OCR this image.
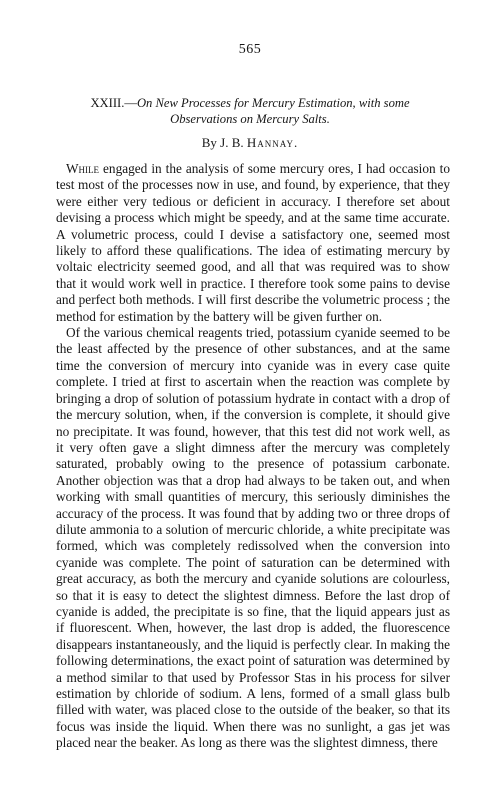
565
XXIII.—On New Processes for Mercury Estimation, with some Observations on Mercury Salts.
By J. B. Hannay.

While engaged in the analysis of some mercury ores, I had occasion to test most of the processes now in use, and found, by experience, that they were either very tedious or deficient in accuracy. I therefore set about devising a process which might be speedy, and at the same time accurate. A volumetric process, could I devise a satisfactory one, seemed most likely to afford these qualifications. The idea of estimating mercury by voltaic electricity seemed good, and all that was required was to show that it would work well in practice. I therefore took some pains to devise and perfect both methods. I will first describe the volumetric process ; the method for estimation by the battery will be given further on.

Of the various chemical reagents tried, potassium cyanide seemed to be the least affected by the presence of other substances, and at the same time the conversion of mercury into cyanide was in every case quite complete. I tried at first to ascertain when the reaction was complete by bringing a drop of solution of potassium hydrate in contact with a drop of the mercury solution, when, if the conversion is complete, it should give no precipitate. It was found, however, that this test did not work well, as it very often gave a slight dimness after the mercury was completely saturated, probably owing to the presence of potassium carbonate. Another objection was that a drop had always to be taken out, and when working with small quantities of mercury, this seriously diminishes the accuracy of the process. It was found that by adding two or three drops of dilute ammonia to a solution of mercuric chloride, a white precipitate was formed, which was completely redissolved when the conversion into cyanide was complete. The point of saturation can be determined with great accuracy, as both the mercury and cyanide solutions are colourless, so that it is easy to detect the slightest dimness. Before the last drop of cyanide is added, the precipitate is so fine, that the liquid appears just as if fluorescent. When, however, the last drop is added, the fluorescence disappears instantaneously, and the liquid is perfectly clear. In making the following determinations, the exact point of saturation was determined by a method similar to that used by Professor Stas in his process for silver estimation by chloride of sodium. A lens, formed of a small glass bulb filled with water, was placed close to the outside of the beaker, so that its focus was inside the liquid. When there was no sunlight, a gas jet was placed near the beaker. As long as there was the slightest dimness, there
